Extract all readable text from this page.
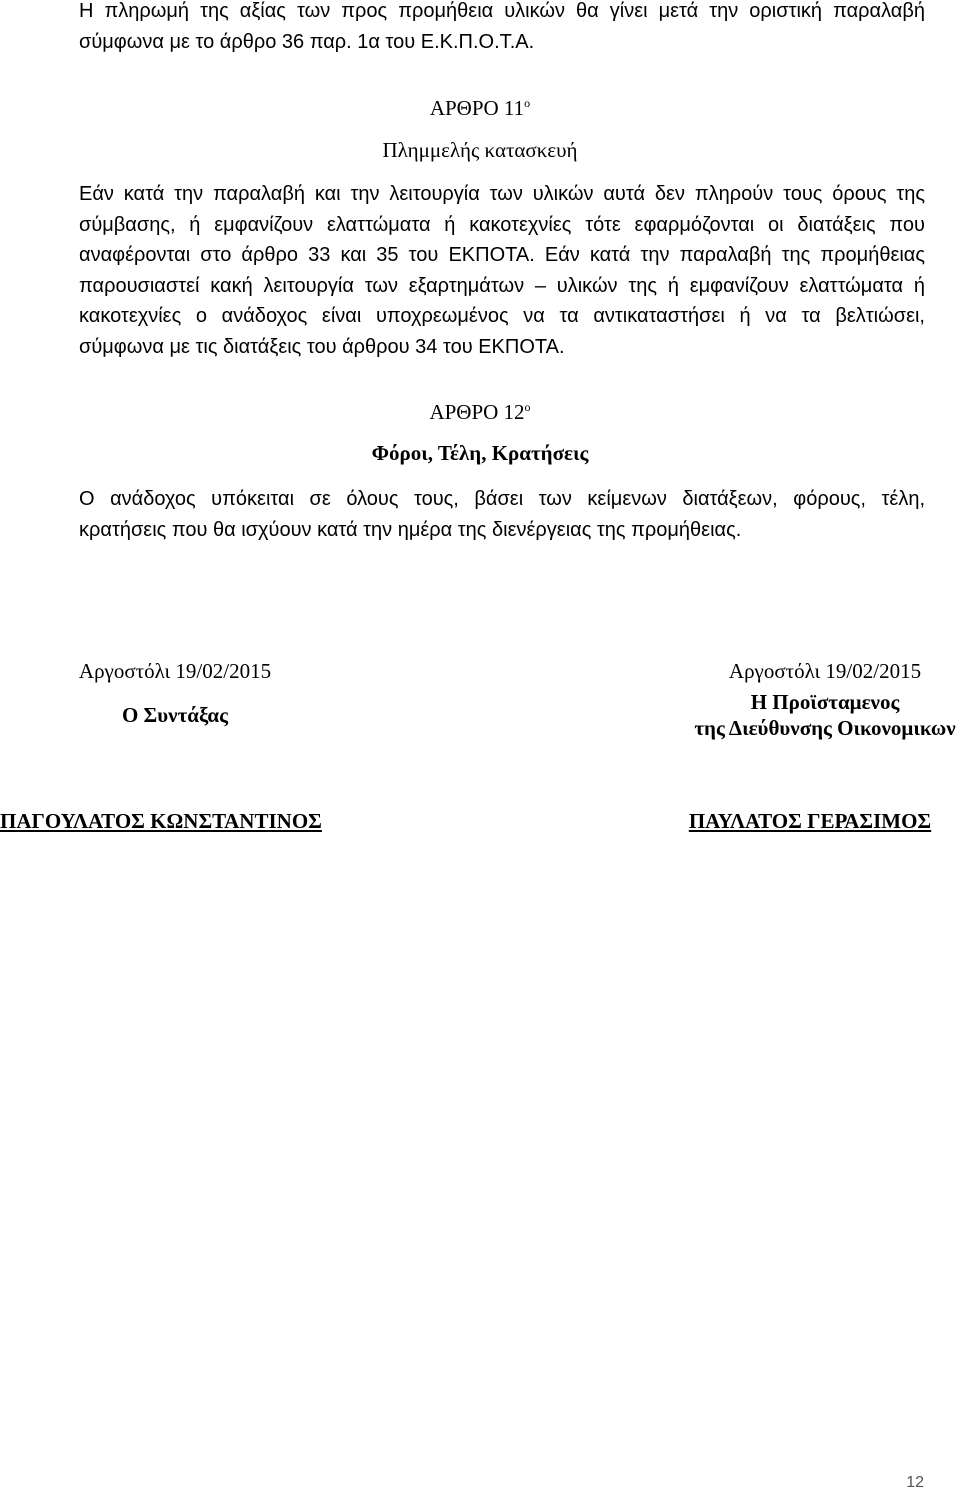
Η πληρωμή της αξίας των προς προμήθεια υλικών θα γίνει μετά την οριστική παραλαβή
σύμφωνα με το άρθρο 36 παρ. 1α του Ε.Κ.Π.Ο.Τ.Α.
ΑΡΘΡΟ $11^o$
Πλημμελής κατασκευή
Εάν κατά την παραλαβή και την λειτουργία των υλικών αυτά δεν πληρούν τους όρους της
σύμβασης, ή εμφανίζουν ελαττώματα ή κακοτεχνίες τότε εφαρμόζονται οι διατάξεις που
αναφέρονται στο άρθρο 33 και 35 του ΕΚΠΟΤΑ. Εάν κατά την παραλαβή της προμήθειας
παρουσιαστεί κακή λειτουργία των εξαρτημάτων – υλικών της ή εμφανίζουν ελαττώματα ή
κακοτεχνίες ο ανάδοχος είναι υποχρεωμένος να τα αντικαταστήσει ή να τα βελτιώσει,
σύμφωνα με τις διατάξεις του άρθρου 34 του ΕΚΠΟΤΑ.
ΑΡΘΡΟ $12^o$
Φόροι, Τέλη, Κρατήσεις
Ο ανάδοχος υπόκειται σε όλους τους, βάσει των κείμενων διατάξεων, φόρους, τέλη,
κρατήσεις που θα ισχύουν κατά την ημέρα της διενέργειας της προμήθειας.
Αργοστόλι 19/02/2015
Ο Συντάξας
ΠΑΓΟΥΛΑΤΟΣ ΚΩΝΣΤΑΝΤΙΝΟΣ
Αργοστόλι 19/02/2015
Η Προϊσταμενος
της Διεύθυνσης Οικονομικων
ΠΑΥΛΑΤΟΣ ΓΕΡΑΣΙΜΟΣ
12
